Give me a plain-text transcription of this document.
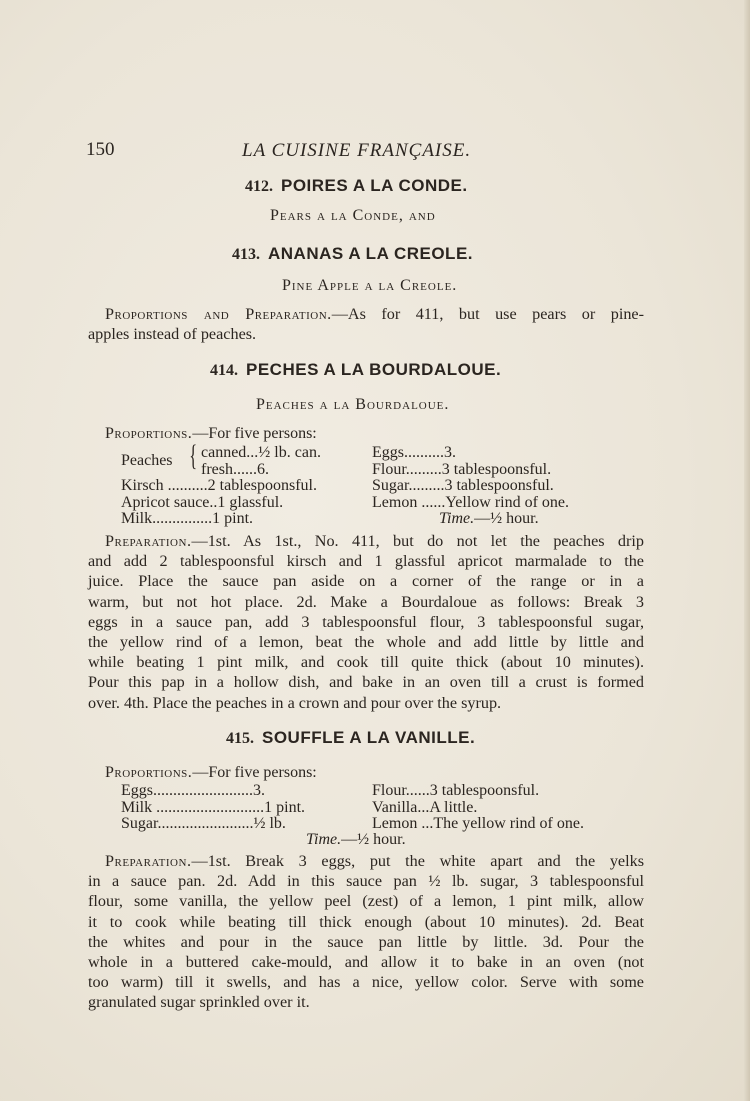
150	LA CUISINE FRANÇAISE.
412. POIRES A LA CONDE.
Pears a la Conde, and
413. ANANAS A LA CREOLE.
Pine Apple a la Creole.
Proportions and Preparation.—As for 411, but use pears or pine-
apples instead of peaches.
414. PECHES A LA BOURDALOUE.
Peaches a la Bourdaloue.
Proportions.—For five persons:
Peaches { canned...½ lb. can.
fresh......6.
Kirsch ..........2 tablespoonsful.
Apricot sauce..1 glassful.
Milk...............1 pint.
Eggs..........3.
Flour.........3 tablespoonsful.
Sugar.........3 tablespoonsful.
Lemon ......Yellow rind of one.
Time.—½ hour.
Preparation.—1st. As 1st., No. 411, but do not let the peaches drip
and add 2 tablespoonsful kirsch and 1 glassful apricot marmalade to the
juice. Place the sauce pan aside on a corner of the range or in a
warm, but not hot place. 2d. Make a Bourdaloue as follows: Break 3
eggs in a sauce pan, add 3 tablespoonsful flour, 3 tablespoonsful sugar,
the yellow rind of a lemon, beat the whole and add little by little and
while beating 1 pint milk, and cook till quite thick (about 10 minutes).
Pour this pap in a hollow dish, and bake in an oven till a crust is formed
over. 4th. Place the peaches in a crown and pour over the syrup.
415. SOUFFLE A LA VANILLE.
Proportions.—For five persons:
Eggs.........................3.
Milk ...........................1 pint.
Sugar........................½ lb.
Flour......3 tablespoonsful.
Vanilla...A little.
Lemon ...The yellow rind of one.
Time.—½ hour.
Preparation.—1st. Break 3 eggs, put the white apart and the yelks
in a sauce pan. 2d. Add in this sauce pan ½ lb. sugar, 3 tablespoonsful
flour, some vanilla, the yellow peel (zest) of a lemon, 1 pint milk, allow
it to cook while beating till thick enough (about 10 minutes). 2d. Beat
the whites and pour in the sauce pan little by little. 3d. Pour the
whole in a buttered cake-mould, and allow it to bake in an oven (not
too warm) till it swells, and has a nice, yellow color. Serve with some
granulated sugar sprinkled over it.
